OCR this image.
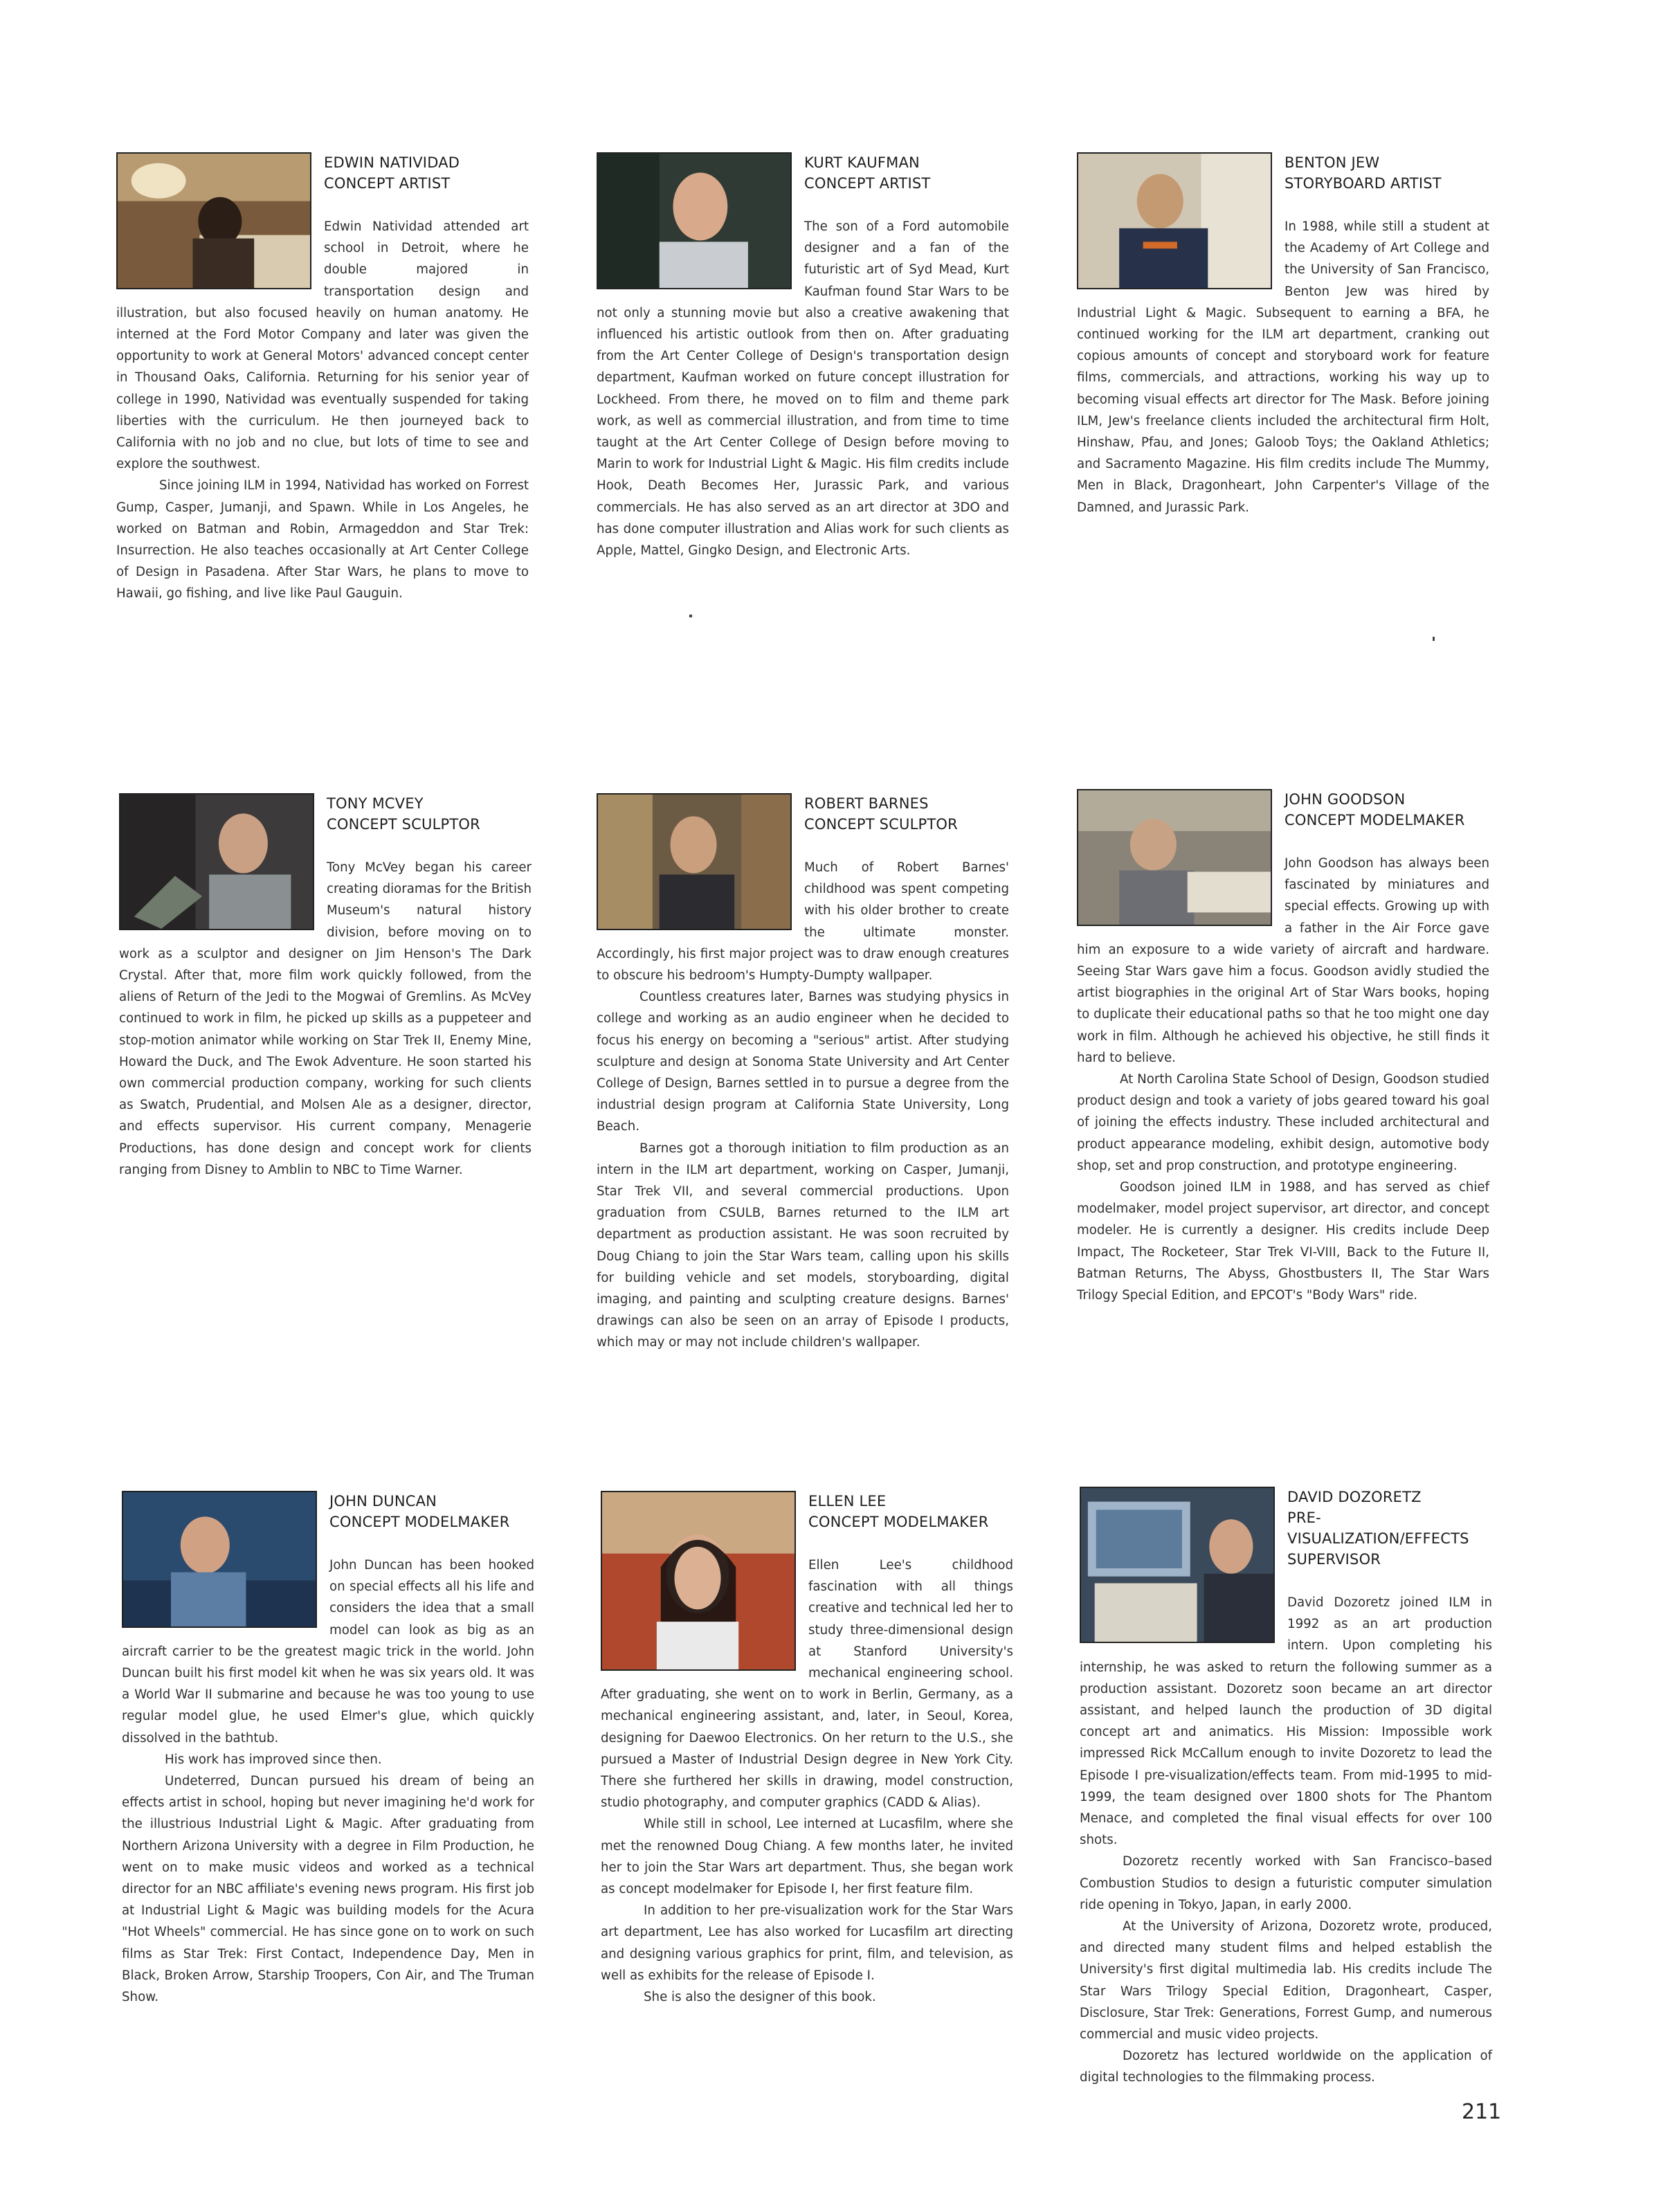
EDWIN NATIVIDAD
CONCEPT ARTIST

Edwin Natividad attended art school in Detroit, where he double majored in transportation design and illustration, but also focused heavily on human anatomy. He interned at the Ford Motor Company and later was given the opportunity to work at General Motors' advanced concept center in Thousand Oaks, California. Returning for his senior year of college in 1990, Natividad was eventually suspended for taking liberties with the curriculum. He then journeyed back to California with no job and no clue, but lots of time to see and explore the southwest.

Since joining ILM in 1994, Natividad has worked on Forrest Gump, Casper, Jumanji, and Spawn. While in Los Angeles, he worked on Batman and Robin, Armageddon and Star Trek: Insurrection. He also teaches occasionally at Art Center College of Design in Pasadena. After Star Wars, he plans to move to Hawaii, go fishing, and live like Paul Gauguin.

KURT KAUFMAN
CONCEPT ARTIST

The son of a Ford automobile designer and a fan of the futuristic art of Syd Mead, Kurt Kaufman found Star Wars to be not only a stunning movie but also a creative awakening that influenced his artistic outlook from then on. After graduating from the Art Center College of Design's transportation design department, Kaufman worked on future concept illustration for Lockheed. From there, he moved on to film and theme park work, as well as commercial illustration, and from time to time taught at the Art Center College of Design before moving to Marin to work for Industrial Light & Magic. His film credits include Hook, Death Becomes Her, Jurassic Park, and various commercials. He has also served as an art director at 3DO and has done computer illustration and Alias work for such clients as Apple, Mattel, Gingko Design, and Electronic Arts.

BENTON JEW
STORYBOARD ARTIST

In 1988, while still a student at the Academy of Art College and the University of San Francisco, Benton Jew was hired by Industrial Light & Magic. Subsequent to earning a BFA, he continued working for the ILM art department, cranking out copious amounts of concept and storyboard work for feature films, commercials, and attractions, working his way up to becoming visual effects art director for The Mask. Before joining ILM, Jew's freelance clients included the architectural firm Holt, Hinshaw, Pfau, and Jones; Galoob Toys; the Oakland Athletics; and Sacramento Magazine. His film credits include The Mummy, Men in Black, Dragonheart, John Carpenter's Village of the Damned, and Jurassic Park.

TONY MCVEY
CONCEPT SCULPTOR

Tony McVey began his career creating dioramas for the British Museum's natural history division, before moving on to work as a sculptor and designer on Jim Henson's The Dark Crystal. After that, more film work quickly followed, from the aliens of Return of the Jedi to the Mogwai of Gremlins. As McVey continued to work in film, he picked up skills as a puppeteer and stop-motion animator while working on Star Trek II, Enemy Mine, Howard the Duck, and The Ewok Adventure. He soon started his own commercial production company, working for such clients as Swatch, Prudential, and Molsen Ale as a designer, director, and effects supervisor. His current company, Menagerie Productions, has done design and concept work for clients ranging from Disney to Amblin to NBC to Time Warner.

ROBERT BARNES
CONCEPT SCULPTOR

Much of Robert Barnes' childhood was spent competing with his older brother to create the ultimate monster. Accordingly, his first major project was to draw enough creatures to obscure his bedroom's Humpty-Dumpty wallpaper.

Countless creatures later, Barnes was studying physics in college and working as an audio engineer when he decided to focus his energy on becoming a "serious" artist. After studying sculpture and design at Sonoma State University and Art Center College of Design, Barnes settled in to pursue a degree from the industrial design program at California State University, Long Beach.

Barnes got a thorough initiation to film production as an intern in the ILM art department, working on Casper, Jumanji, Star Trek VII, and several commercial productions. Upon graduation from CSULB, Barnes returned to the ILM art department as production assistant. He was soon recruited by Doug Chiang to join the Star Wars team, calling upon his skills for building vehicle and set models, storyboarding, digital imaging, and painting and sculpting creature designs. Barnes' drawings can also be seen on an array of Episode I products, which may or may not include children's wallpaper.

JOHN GOODSON
CONCEPT MODELMAKER

John Goodson has always been fascinated by miniatures and special effects. Growing up with a father in the Air Force gave him an exposure to a wide variety of aircraft and hardware. Seeing Star Wars gave him a focus. Goodson avidly studied the artist biographies in the original Art of Star Wars books, hoping to duplicate their educational paths so that he too might one day work in film. Although he achieved his objective, he still finds it hard to believe.

At North Carolina State School of Design, Goodson studied product design and took a variety of jobs geared toward his goal of joining the effects industry. These included architectural and product appearance modeling, exhibit design, automotive body shop, set and prop construction, and prototype engineering.

Goodson joined ILM in 1988, and has served as chief modelmaker, model project supervisor, art director, and concept modeler. He is currently a designer. His credits include Deep Impact, The Rocketeer, Star Trek VI-VIII, Back to the Future II, Batman Returns, The Abyss, Ghostbusters II, The Star Wars Trilogy Special Edition, and EPCOT's "Body Wars" ride.

JOHN DUNCAN
CONCEPT MODELMAKER

John Duncan has been hooked on special effects all his life and considers the idea that a small model can look as big as an aircraft carrier to be the greatest magic trick in the world. John Duncan built his first model kit when he was six years old. It was a World War II submarine and because he was too young to use regular model glue, he used Elmer's glue, which quickly dissolved in the bathtub.

His work has improved since then.

Undeterred, Duncan pursued his dream of being an effects artist in school, hoping but never imagining he'd work for the illustrious Industrial Light & Magic. After graduating from Northern Arizona University with a degree in Film Production, he went on to make music videos and worked as a technical director for an NBC affiliate's evening news program. His first job at Industrial Light & Magic was building models for the Acura "Hot Wheels" commercial. He has since gone on to work on such films as Star Trek: First Contact, Independence Day, Men in Black, Broken Arrow, Starship Troopers, Con Air, and The Truman Show.

ELLEN LEE
CONCEPT MODELMAKER

Ellen Lee's childhood fascination with all things creative and technical led her to study three-dimensional design at Stanford University's mechanical engineering school. After graduating, she went on to work in Berlin, Germany, as a mechanical engineering assistant, and, later, in Seoul, Korea, designing for Daewoo Electronics. On her return to the U.S., she pursued a Master of Industrial Design degree in New York City. There she furthered her skills in drawing, model construction, studio photography, and computer graphics (CADD & Alias).

While still in school, Lee interned at Lucasfilm, where she met the renowned Doug Chiang. A few months later, he invited her to join the Star Wars art department. Thus, she began work as concept modelmaker for Episode I, her first feature film.

In addition to her pre-visualization work for the Star Wars art department, Lee has also worked for Lucasfilm art directing and designing various graphics for print, film, and television, as well as exhibits for the release of Episode I.

She is also the designer of this book.

DAVID DOZORETZ
PRE-VISUALIZATION/EFFECTS SUPERVISOR

David Dozoretz joined ILM in 1992 as an art production intern. Upon completing his internship, he was asked to return the following summer as a production assistant. Dozoretz soon became an art director assistant, and helped launch the production of 3D digital concept art and animatics. His Mission: Impossible work impressed Rick McCallum enough to invite Dozoretz to lead the Episode I pre-visualization/effects team. From mid-1995 to mid-1999, the team designed over 1800 shots for The Phantom Menace, and completed the final visual effects for over 100 shots.

Dozoretz recently worked with San Francisco–based Combustion Studios to design a futuristic computer simulation ride opening in Tokyo, Japan, in early 2000.

At the University of Arizona, Dozoretz wrote, produced, and directed many student films and helped establish the University's first digital multimedia lab. His credits include The Star Wars Trilogy Special Edition, Dragonheart, Casper, Disclosure, Star Trek: Generations, Forrest Gump, and numerous commercial and music video projects.

Dozoretz has lectured worldwide on the application of digital technologies to the filmmaking process.

211
